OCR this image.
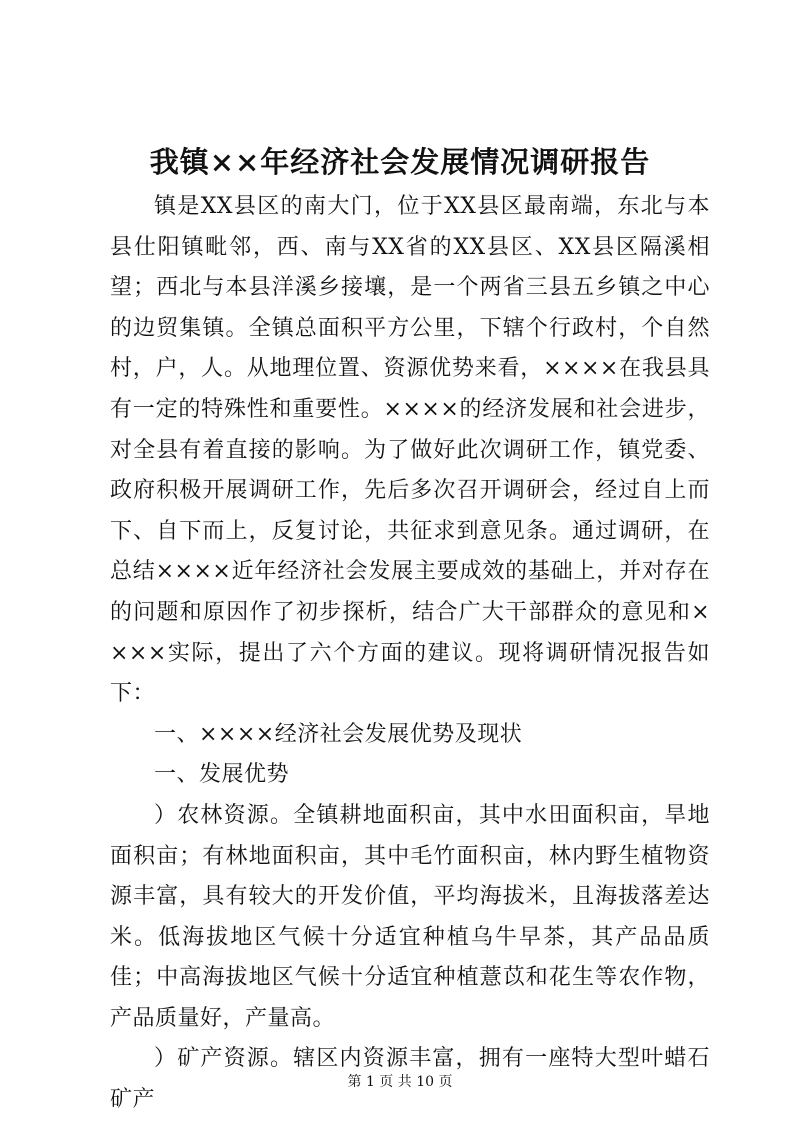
我镇××年经济社会发展情况调研报告

镇是XX县区的南大门，位于XX县区最南端，东北与本县仕阳镇毗邻，西、南与XX省的XX县区、XX县区隔溪相望；西北与本县洋溪乡接壤，是一个两省三县五乡镇之中心的边贸集镇。全镇总面积平方公里，下辖个行政村，个自然村，户，人。从地理位置、资源优势来看，××××在我县具有一定的特殊性和重要性。××××的经济发展和社会进步，对全县有着直接的影响。为了做好此次调研工作，镇党委、政府积极开展调研工作，先后多次召开调研会，经过自上而下、自下而上，反复讨论，共征求到意见条。通过调研，在总结××××近年经济社会发展主要成效的基础上，并对存在的问题和原因作了初步探析，结合广大干部群众的意见和××××实际，提出了六个方面的建议。现将调研情况报告如下：

一、××××经济社会发展优势及现状

一、发展优势

）农林资源。全镇耕地面积亩，其中水田面积亩，旱地面积亩；有林地面积亩，其中毛竹面积亩，林内野生植物资源丰富，具有较大的开发价值，平均海拔米，且海拔落差达米。低海拔地区气候十分适宜种植乌牛早茶，其产品品质佳；中高海拔地区气候十分适宜种植薏苡和花生等农作物，产品质量好，产量高。

）矿产资源。辖区内资源丰富，拥有一座特大型叶蜡石矿产

第 1 页 共 10 页
